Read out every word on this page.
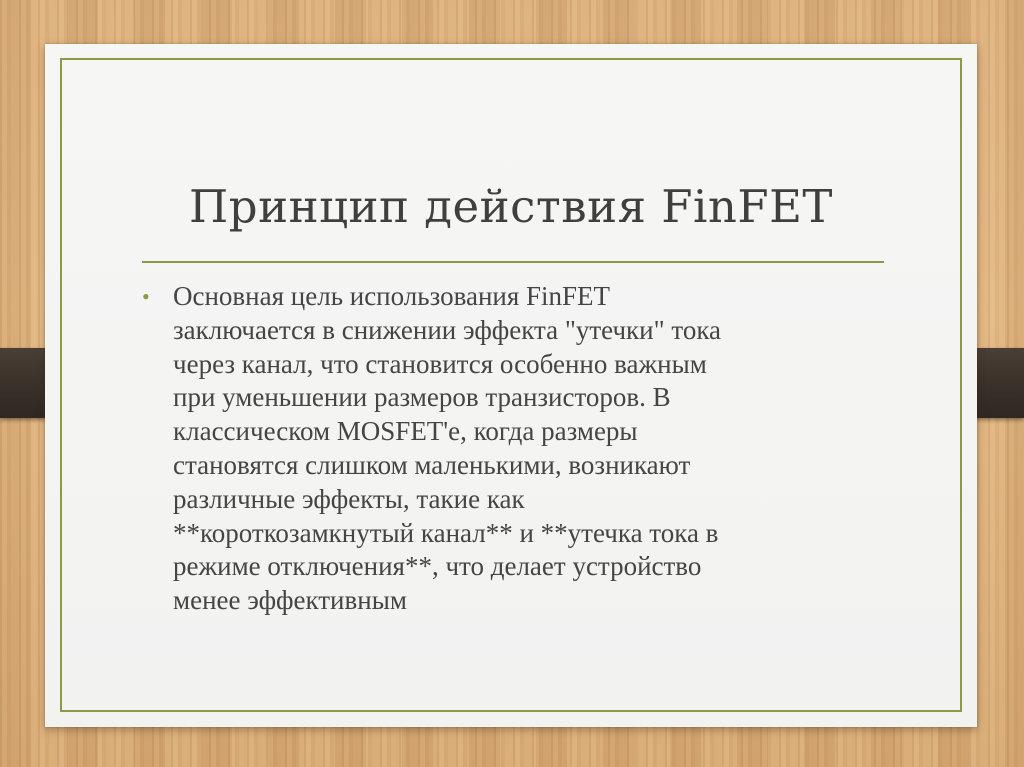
Принцип действия FinFET
• Основная цель использования FinFET
заключается в снижении эффекта "утечки" тока
через канал, что становится особенно важным
при уменьшении размеров транзисторов. В
классическом MOSFET'е, когда размеры
становятся слишком маленькими, возникают
различные эффекты, такие как
**короткозамкнутый канал** и **утечка тока в
режиме отключения**, что делает устройство
менее эффективным
